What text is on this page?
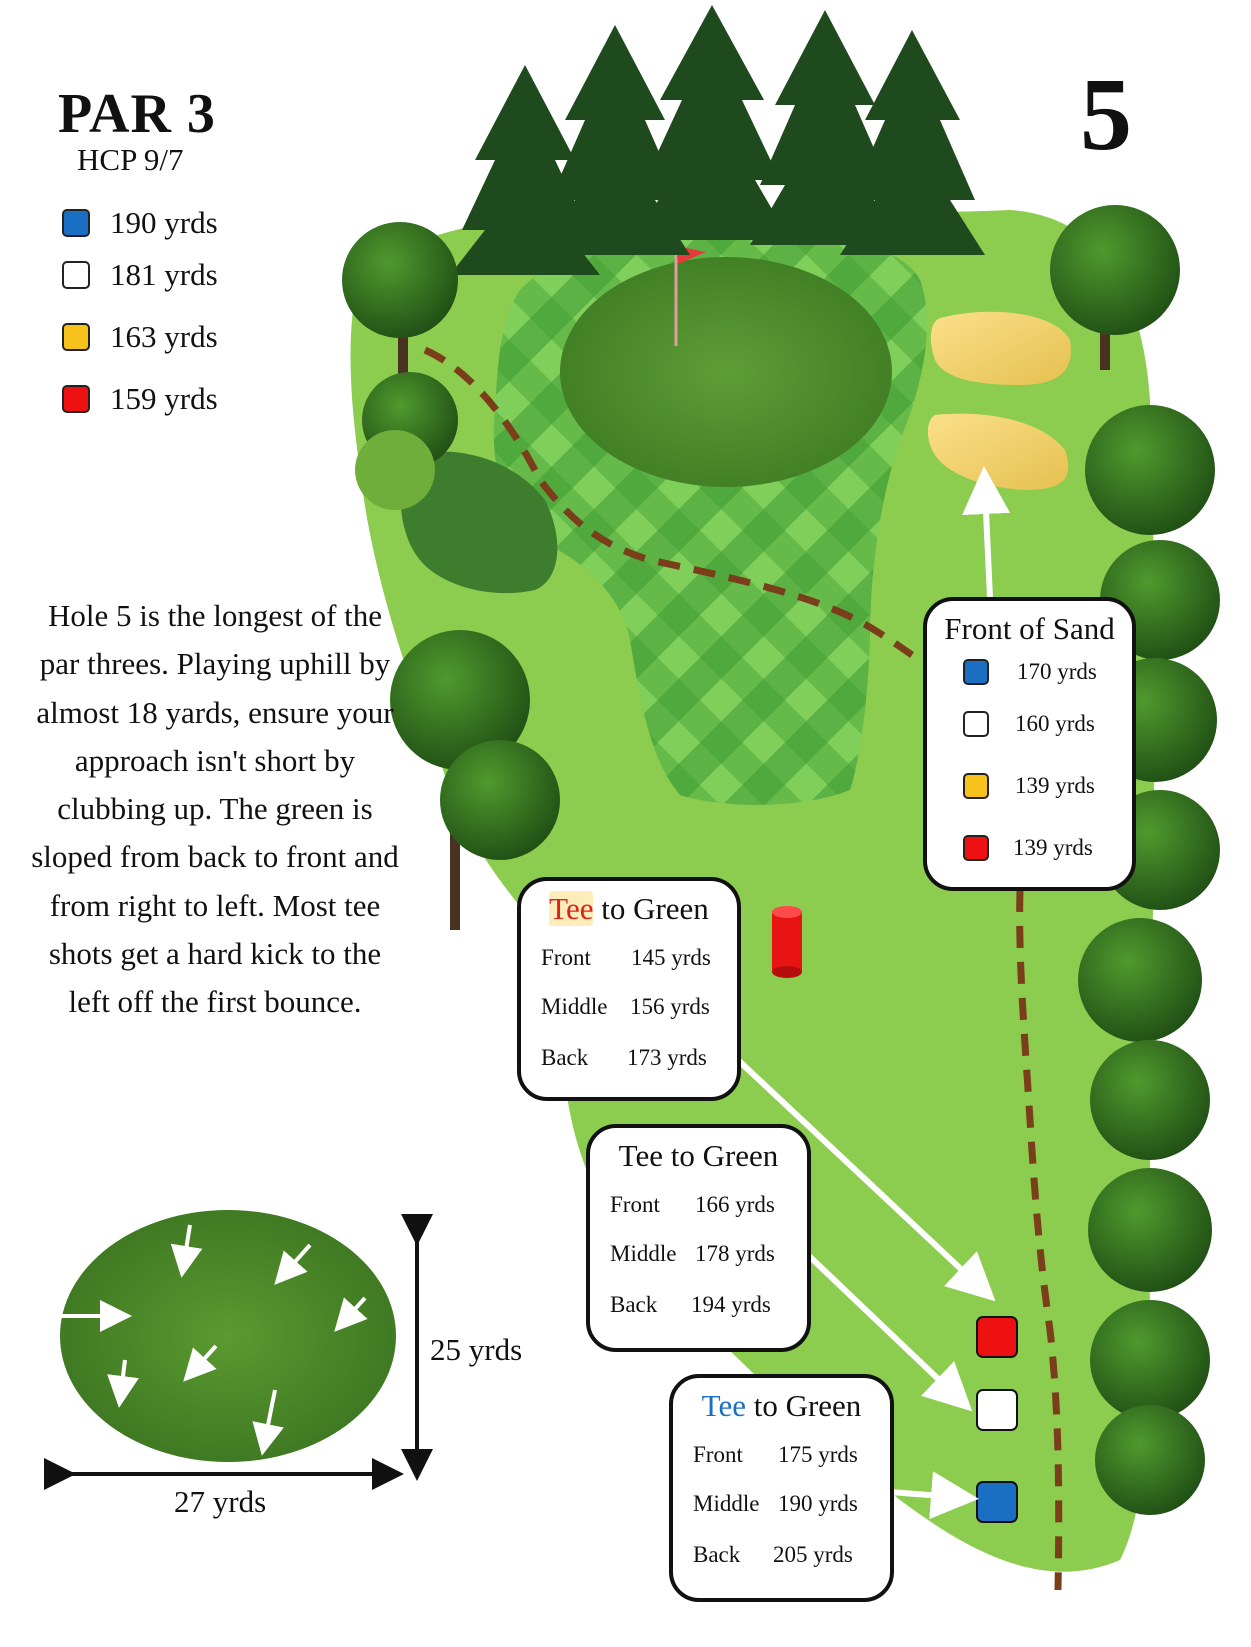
PAR 3
HCP 9/7	5
190 yrds
181 yrds
163 yrds
159 yrds
Hole 5 is the longest of the par threes. Playing uphill by almost 18 yards, ensure your approach isn't short by clubbing up. The green is sloped from back to front and from right to left. Most tee shots get a hard kick to the left off the first bounce.
Front of Sand
170 yrds
160 yrds
139 yrds
139 yrds
Tee to Green
Front 145 yrds
Middle 156 yrds
Back 173 yrds
Tee to Green
Front 166 yrds
Middle 178 yrds
Back 194 yrds
Tee to Green
Front 175 yrds
Middle 190 yrds
Back 205 yrds
25 yrds
27 yrds
